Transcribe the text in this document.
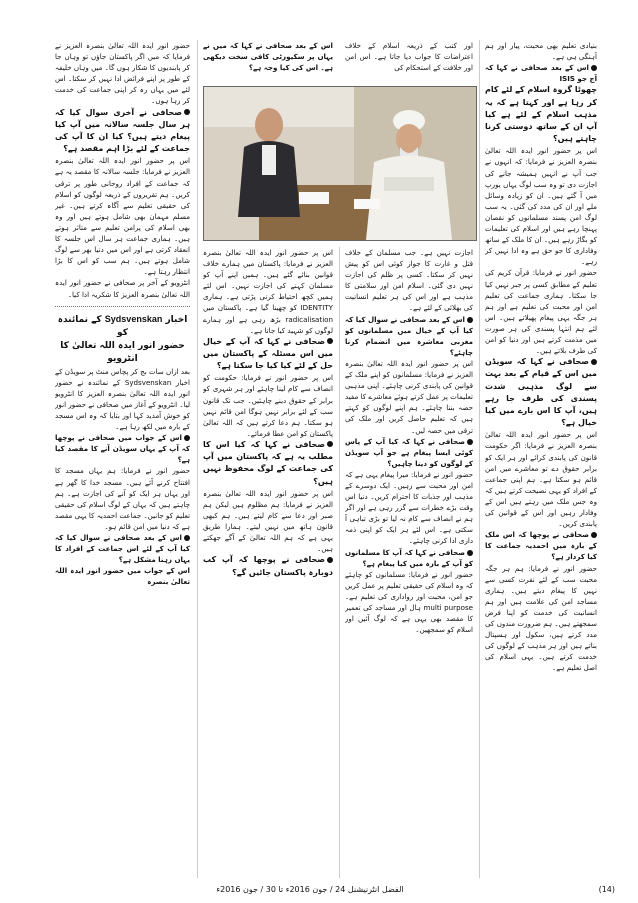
بنیادی تعلیم بھی محبت، پیار اور ہم آہنگی ہی ہے۔

اس کے بعد صحافی نے کہا کہ آج جو ISIS

چھوٹا گروہ اسلام کے لئے کام کر رہا ہے اور کہتا ہے کہ یہ مذہب اسلام کے لئے ہے کیا آپ ان کے ساتھ دوستی کرنا چاہتے ہیں؟

اس پر حضور انور ایدہ اللہ تعالیٰ بنصرہ العزیز نے فرمایا: کہ انہوں نے جب آپ نے انہیں ہمیشہ جانے کی اجازت دی تو وہ سب لوگ یہاں یورپ میں آ گئے ہیں۔ ان کو زیادہ وسائل ملے اور ان کی مدد کی گئی۔ یہ سب لوگ امن پسند مسلمانوں کو نقصان پہنچا رہے ہیں اور اسلام کی تعلیمات کو بگاڑ رہے ہیں۔ ان کا ملک کے ساتھ وفاداری کا جو حق ہے وہ ادا نہیں کر رہے۔

حضور انور نے فرمایا: قرآن کریم کی تعلیم کے مطابق کسی پر جبر نہیں کیا جا سکتا۔ ہماری جماعت کی تعلیم امن اور محبت کی تعلیم ہے اور ہم ہر جگہ یہی پیغام پھیلاتے ہیں۔ اس لئے ہم انتہا پسندی کی ہر صورت میں مذمت کرتے ہیں اور دنیا کو امن کی طرف بلاتے ہیں۔

صحافی نے کہا کہ سویڈن میں اس کے قیام کے بعد بہت سے لوگ مذہبی شدت پسندی کی طرف جا رہے ہیں، آپ کا اس بارے میں کیا خیال ہے؟

اس پر حضور انور ایدہ اللہ تعالیٰ بنصرہ العزیز نے فرمایا: اگر حکومت قانون کی پابندی کرائے اور ہر ایک کو برابر حقوق دے تو معاشرے میں امن قائم ہو سکتا ہے۔ ہم اپنی جماعت کے افراد کو یہی نصیحت کرتے ہیں کہ وہ جس ملک میں رہتے ہیں اس کے وفادار رہیں اور اس کے قوانین کی پابندی کریں۔

صحافی نے پوچھا کہ اس ملک کے بارہ میں احمدیہ جماعت کا کیا کردار ہے؟

حضور انور نے فرمایا: ہم ہر جگہ محبت سب کے لئے نفرت کسی سے نہیں کا پیغام دیتے ہیں۔ ہماری مساجد امن کی علامت ہیں اور ہم انسانیت کی خدمت کو اپنا فرض سمجھتے ہیں۔ ہم ضرورت مندوں کی مدد کرتے ہیں، سکول اور ہسپتال بناتے ہیں اور ہر مذہب کے لوگوں کی خدمت کرتے ہیں۔ یہی اسلام کی اصل تعلیم ہے۔

اور کتب کے ذریعہ اسلام کے خلاف اعتراضات کا جواب دیا جاتا ہے۔ اس امن اور خلافت کے استحکام کی

اس کے بعد صحافی نے کہا کہ میں نے یہاں پر سکیورٹی کافی سخت دیکھی ہے۔ اس کی کیا وجہ ہے؟

اجازت نہیں ہے۔ جب مسلمان کے خلاف قتل و غارت کا جواز کوئی اس کو پیش نہیں کر سکتا۔ کسی پر ظلم کی اجازت نہیں دی گئی۔ اسلام امن اور سلامتی کا مذہب ہے اور اس کی ہر تعلیم انسانیت کی بھلائی کے لئے ہے۔

اس کے بعد صحافی نے سوال کیا کہ کیا آپ کے خیال میں مسلمانوں کو مغربی معاشرہ میں انضمام کرنا چاہئے؟

اس پر حضور انور ایدہ اللہ تعالیٰ بنصرہ العزیز نے فرمایا: مسلمانوں کو اپنے ملک کے قوانین کی پابندی کرنی چاہئے۔ اپنی مذہبی تعلیمات پر عمل کرتے ہوئے معاشرے کا مفید حصہ بننا چاہئے۔ ہم اپنے لوگوں کو کہتے ہیں کہ تعلیم حاصل کریں اور ملک کی ترقی میں حصہ لیں۔

صحافی نے کہا کہ کیا آپ کے پاس کوئی ایسا پیغام ہے جو آپ سویڈن کے لوگوں کو دینا چاہیں؟

حضور انور نے فرمایا: میرا پیغام یہی ہے کہ امن اور محبت سے رہیں۔ ایک دوسرے کے مذہب اور جذبات کا احترام کریں۔ دنیا اس وقت بڑے خطرات سے گزر رہی ہے اور اگر ہم نے انصاف سے کام نہ لیا تو بڑی تباہی آ سکتی ہے۔ اس لئے ہر ایک کو اپنی ذمہ داری ادا کرنی چاہئے۔

صحافی نے کہا کہ آپ کا مسلمانوں کو آپ کے بارہ میں کیا پیغام ہے؟

حضور انور نے فرمایا: مسلمانوں کو چاہئے کہ وہ اسلام کی حقیقی تعلیم پر عمل کریں جو امن، محبت اور رواداری کی تعلیم ہے۔ multi purpose ہال اور مساجد کی تعمیر کا مقصد بھی یہی ہے کہ لوگ آئیں اور اسلام کو سمجھیں۔

اس پر حضور انور ایدہ اللہ تعالیٰ بنصرہ العزیز نے فرمایا: پاکستان میں ہمارے خلاف قوانین بنائے گئے ہیں۔ ہمیں اپنے آپ کو مسلمان کہنے کی اجازت نہیں۔ اس لئے ہمیں کچھ احتیاط کرنی پڑتی ہے۔ ہماری IDENTITY کو چھینا گیا ہے۔ پاکستان میں radicalisation بڑھ رہی ہے اور ہمارے لوگوں کو شہید کیا جاتا ہے۔

صحافی نے کہا کہ آپ کے خیال میں اس مسئلہ کے پاکستان میں حل کے لئے کیا کیا جا سکتا ہے؟

اس پر حضور انور نے فرمایا: حکومت کو انصاف سے کام لینا چاہئے اور ہر شہری کو برابر کے حقوق دینے چاہئیں۔ جب تک قانون سب کے لئے برابر نہیں ہوگا امن قائم نہیں ہو سکتا۔ ہم دعا کرتے ہیں کہ اللہ تعالیٰ پاکستان کو امن عطا فرمائے۔

صحافی نے کہا کہ کیا اس کا مطلب یہ ہے کہ پاکستان میں آپ کی جماعت کے لوگ محفوظ نہیں ہیں؟

اس پر حضور انور ایدہ اللہ تعالیٰ بنصرہ العزیز نے فرمایا: ہم مظلوم ہیں لیکن ہم صبر اور دعا سے کام لیتے ہیں۔ ہم کبھی قانون ہاتھ میں نہیں لیتے۔ ہمارا طریق یہی ہے کہ ہم اللہ تعالیٰ کے آگے جھکتے ہیں۔

صحافی نے پوچھا کہ آپ کب دوبارہ پاکستان جائیں گے؟

حضور انور ایدہ اللہ تعالیٰ بنصرہ العزیز نے فرمایا کہ میں اگر پاکستان جاؤں تو وہاں جا کر پابندیوں کا شکار ہوں گا۔ میں وہاں خلیفہ کے طور پر اپنے فرائض ادا نہیں کر سکتا۔ اس لئے میں یہاں رہ کر اپنی جماعت کی خدمت کر رہا ہوں۔

صحافی نے آخری سوال کیا کہ ہر سال جلسہ سالانہ میں آپ کیا پیغام دیتے ہیں؟ کیا ان کا آپ کی جماعت کے لئے بڑا اہم مقصد ہے؟

اس پر حضور انور ایدہ اللہ تعالیٰ بنصرہ العزیز نے فرمایا: جلسہ سالانہ کا مقصد یہ ہے کہ جماعت کے افراد روحانی طور پر ترقی کریں۔ ہم تقریروں کے ذریعہ لوگوں کو اسلام کی حقیقی تعلیم سے آگاہ کرتے ہیں۔ غیر مسلم مہمان بھی شامل ہوتے ہیں اور وہ بھی اسلام کی پرامن تعلیم سے متاثر ہوتے ہیں۔ ہماری جماعت ہر سال اس جلسہ کا انعقاد کرتی ہے اور اس میں دنیا بھر سے لوگ شامل ہوتے ہیں۔ ہم سب کو اس کا بڑا انتظار رہتا ہے۔

انٹرویو کے آخر پر صحافی نے حضور انور ایدہ اللہ تعالیٰ بنصرہ العزیز کا شکریہ ادا کیا۔

اخبار Sydsvenskan کے نمائندہ کو

حضور انور ایدہ اللہ تعالیٰ کا انٹرویو

بعد ازاں سات بج کر پچاس منٹ پر سویڈن کے اخبار Sydsvenskan کے نمائندہ نے حضور انور ایدہ اللہ تعالیٰ بنصرہ العزیز کا انٹرویو لیا۔ انٹرویو کے آغاز میں صحافی نے حضور انور کو خوش آمدید کہا اور بتایا کہ وہ اس مسجد کے بارہ میں لکھ رہا ہے۔

اس کے جواب میں صحافی نے پوچھا کہ آپ کے یہاں سویڈن آنے کا مقصد کیا ہے؟

حضور انور نے فرمایا: ہم یہاں مسجد کا افتتاح کرنے آئے ہیں۔ مسجد خدا کا گھر ہے اور یہاں ہر ایک کو آنے کی اجازت ہے۔ ہم چاہتے ہیں کہ یہاں کے لوگ اسلام کی حقیقی تعلیم کو جانیں۔ جماعت احمدیہ کا یہی مقصد ہے کہ دنیا میں امن قائم ہو۔

اس کے بعد صحافی نے سوال کیا کہ کیا آپ کے لئے اس جماعت کے افراد کا یہاں رہنا مشکل ہے؟

اس کے جواب میں حضور انور ایدہ اللہ تعالیٰ بنصرہ

(14)
الفضل انٹرنیشنل 24 / جون 2016ء تا 30 / جون 2016ء
